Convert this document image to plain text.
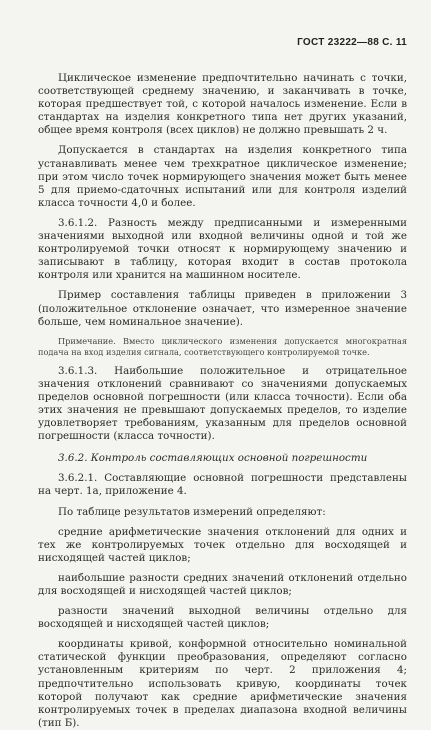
ГОСТ 23222—88 С. 11

Циклическое изменение предпочтительно начинать с точки, соответствующей среднему значению, и заканчивать в точке, которая предшествует той, с которой началось изменение. Если в стандартах на изделия конкретного типа нет других указаний, общее время контроля (всех циклов) не должно превышать 2 ч.

Допускается в стандартах на изделия конкретного типа устанавливать менее чем трехкратное циклическое изменение; при этом число точек нормирующего значения может быть менее 5 для приемо-сдаточных испытаний или для контроля изделий класса точности 4,0 и более.

3.6.1.2. Разность между предписанными и измеренными значениями выходной или входной величины одной и той же контролируемой точки относят к нормирующему значению и записывают в таблицу, которая входит в состав протокола контроля или хранится на машинном носителе.

Пример составления таблицы приведен в приложении 3 (положительное отклонение означает, что измеренное значение больше, чем номинальное значение).

Примечание. Вместо циклического изменения допускается многократная подача на вход изделия сигнала, соответствующего контролируемой точке.

3.6.1.3. Наибольшие положительное и отрицательное значения отклонений сравнивают со значениями допускаемых пределов основной погрешности (или класса точности). Если оба этих значения не превышают допускаемых пределов, то изделие удовлетворяет требованиям, указанным для пределов основной погрешности (класса точности).

3.6.2. Контроль составляющих основной погрешности

3.6.2.1. Составляющие основной погрешности представлены на черт. 1а, приложение 4.

По таблице результатов измерений определяют:

средние арифметические значения отклонений для одних и тех же контролируемых точек отдельно для восходящей и нисходящей частей циклов;

наибольшие разности средних значений отклонений отдельно для восходящей и нисходящей частей циклов;

разности значений выходной величины отдельно для восходящей и нисходящей частей циклов;

координаты кривой, конформной относительно номинальной статической функции преобразования, определяют согласно установленным критериям по черт. 2 приложения 4; предпочтительно использовать кривую, координаты точек которой получают как средние арифметические значения контролируемых точек в пределах диапазона входной величины (тип Б).
